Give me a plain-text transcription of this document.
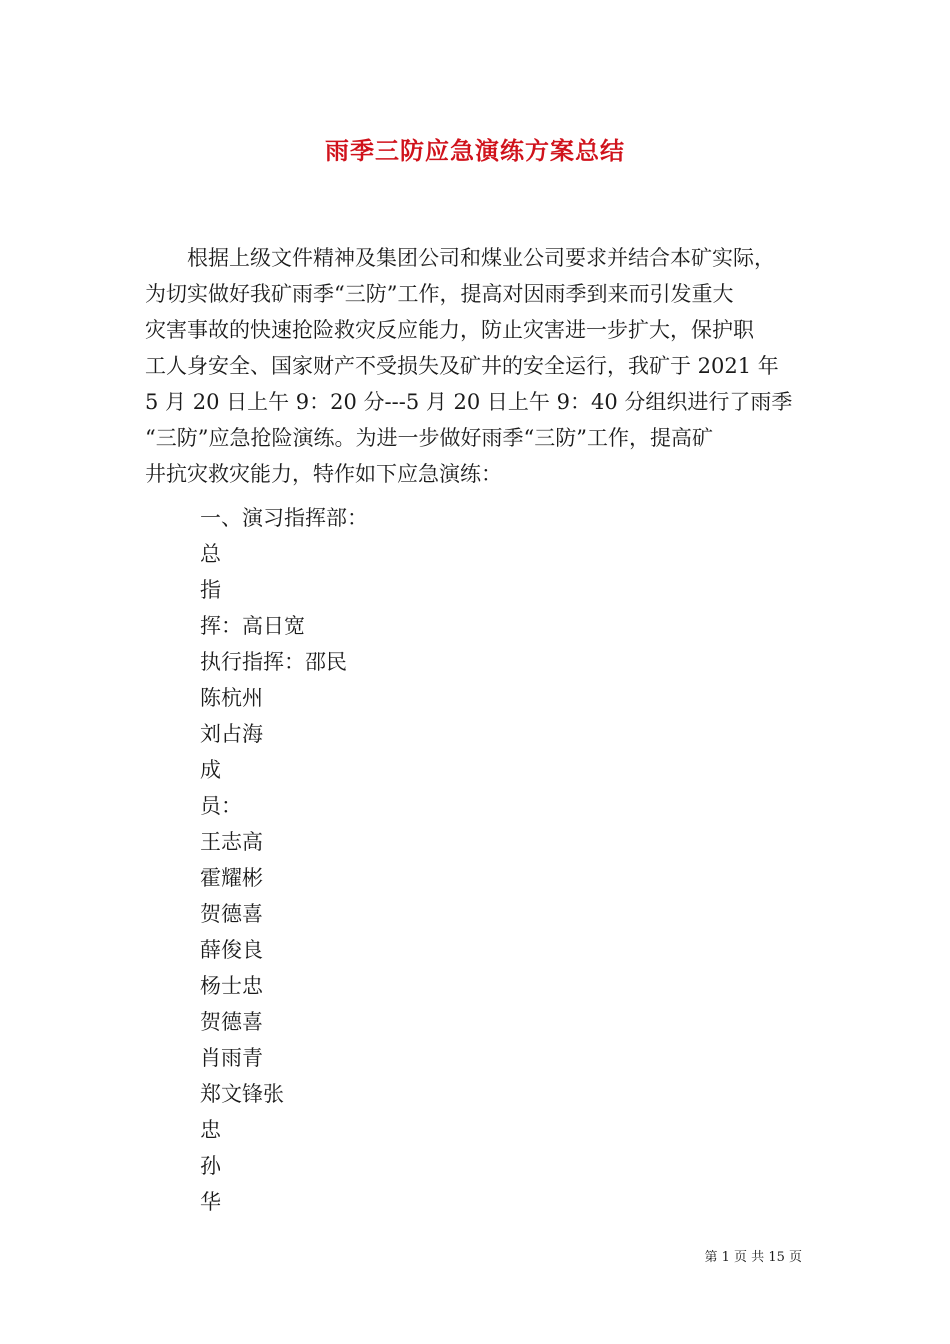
雨季三防应急演练方案总结

　　根据上级文件精神及集团公司和煤业公司要求并结合本矿实际，
为切实做好我矿雨季“三防”工作，提高对因雨季到来而引发重大
灾害事故的快速抢险救灾反应能力，防止灾害进一步扩大，保护职
工人身安全、国家财产不受损失及矿井的安全运行，我矿于 2021 年
5 月 20 日上午 9：20 分---5 月 20 日上午 9：40 分组织进行了雨季
“三防”应急抢险演练。为进一步做好雨季“三防”工作，提高矿
井抗灾救灾能力，特作如下应急演练：

一、演习指挥部：
总
指
挥：高日宽
执行指挥：邵民
陈杭州
刘占海
成
员：
王志高
霍耀彬
贺德喜
薛俊良
杨士忠
贺德喜
肖雨青
郑文锋张
忠
孙
华
第 1 页 共 15 页
